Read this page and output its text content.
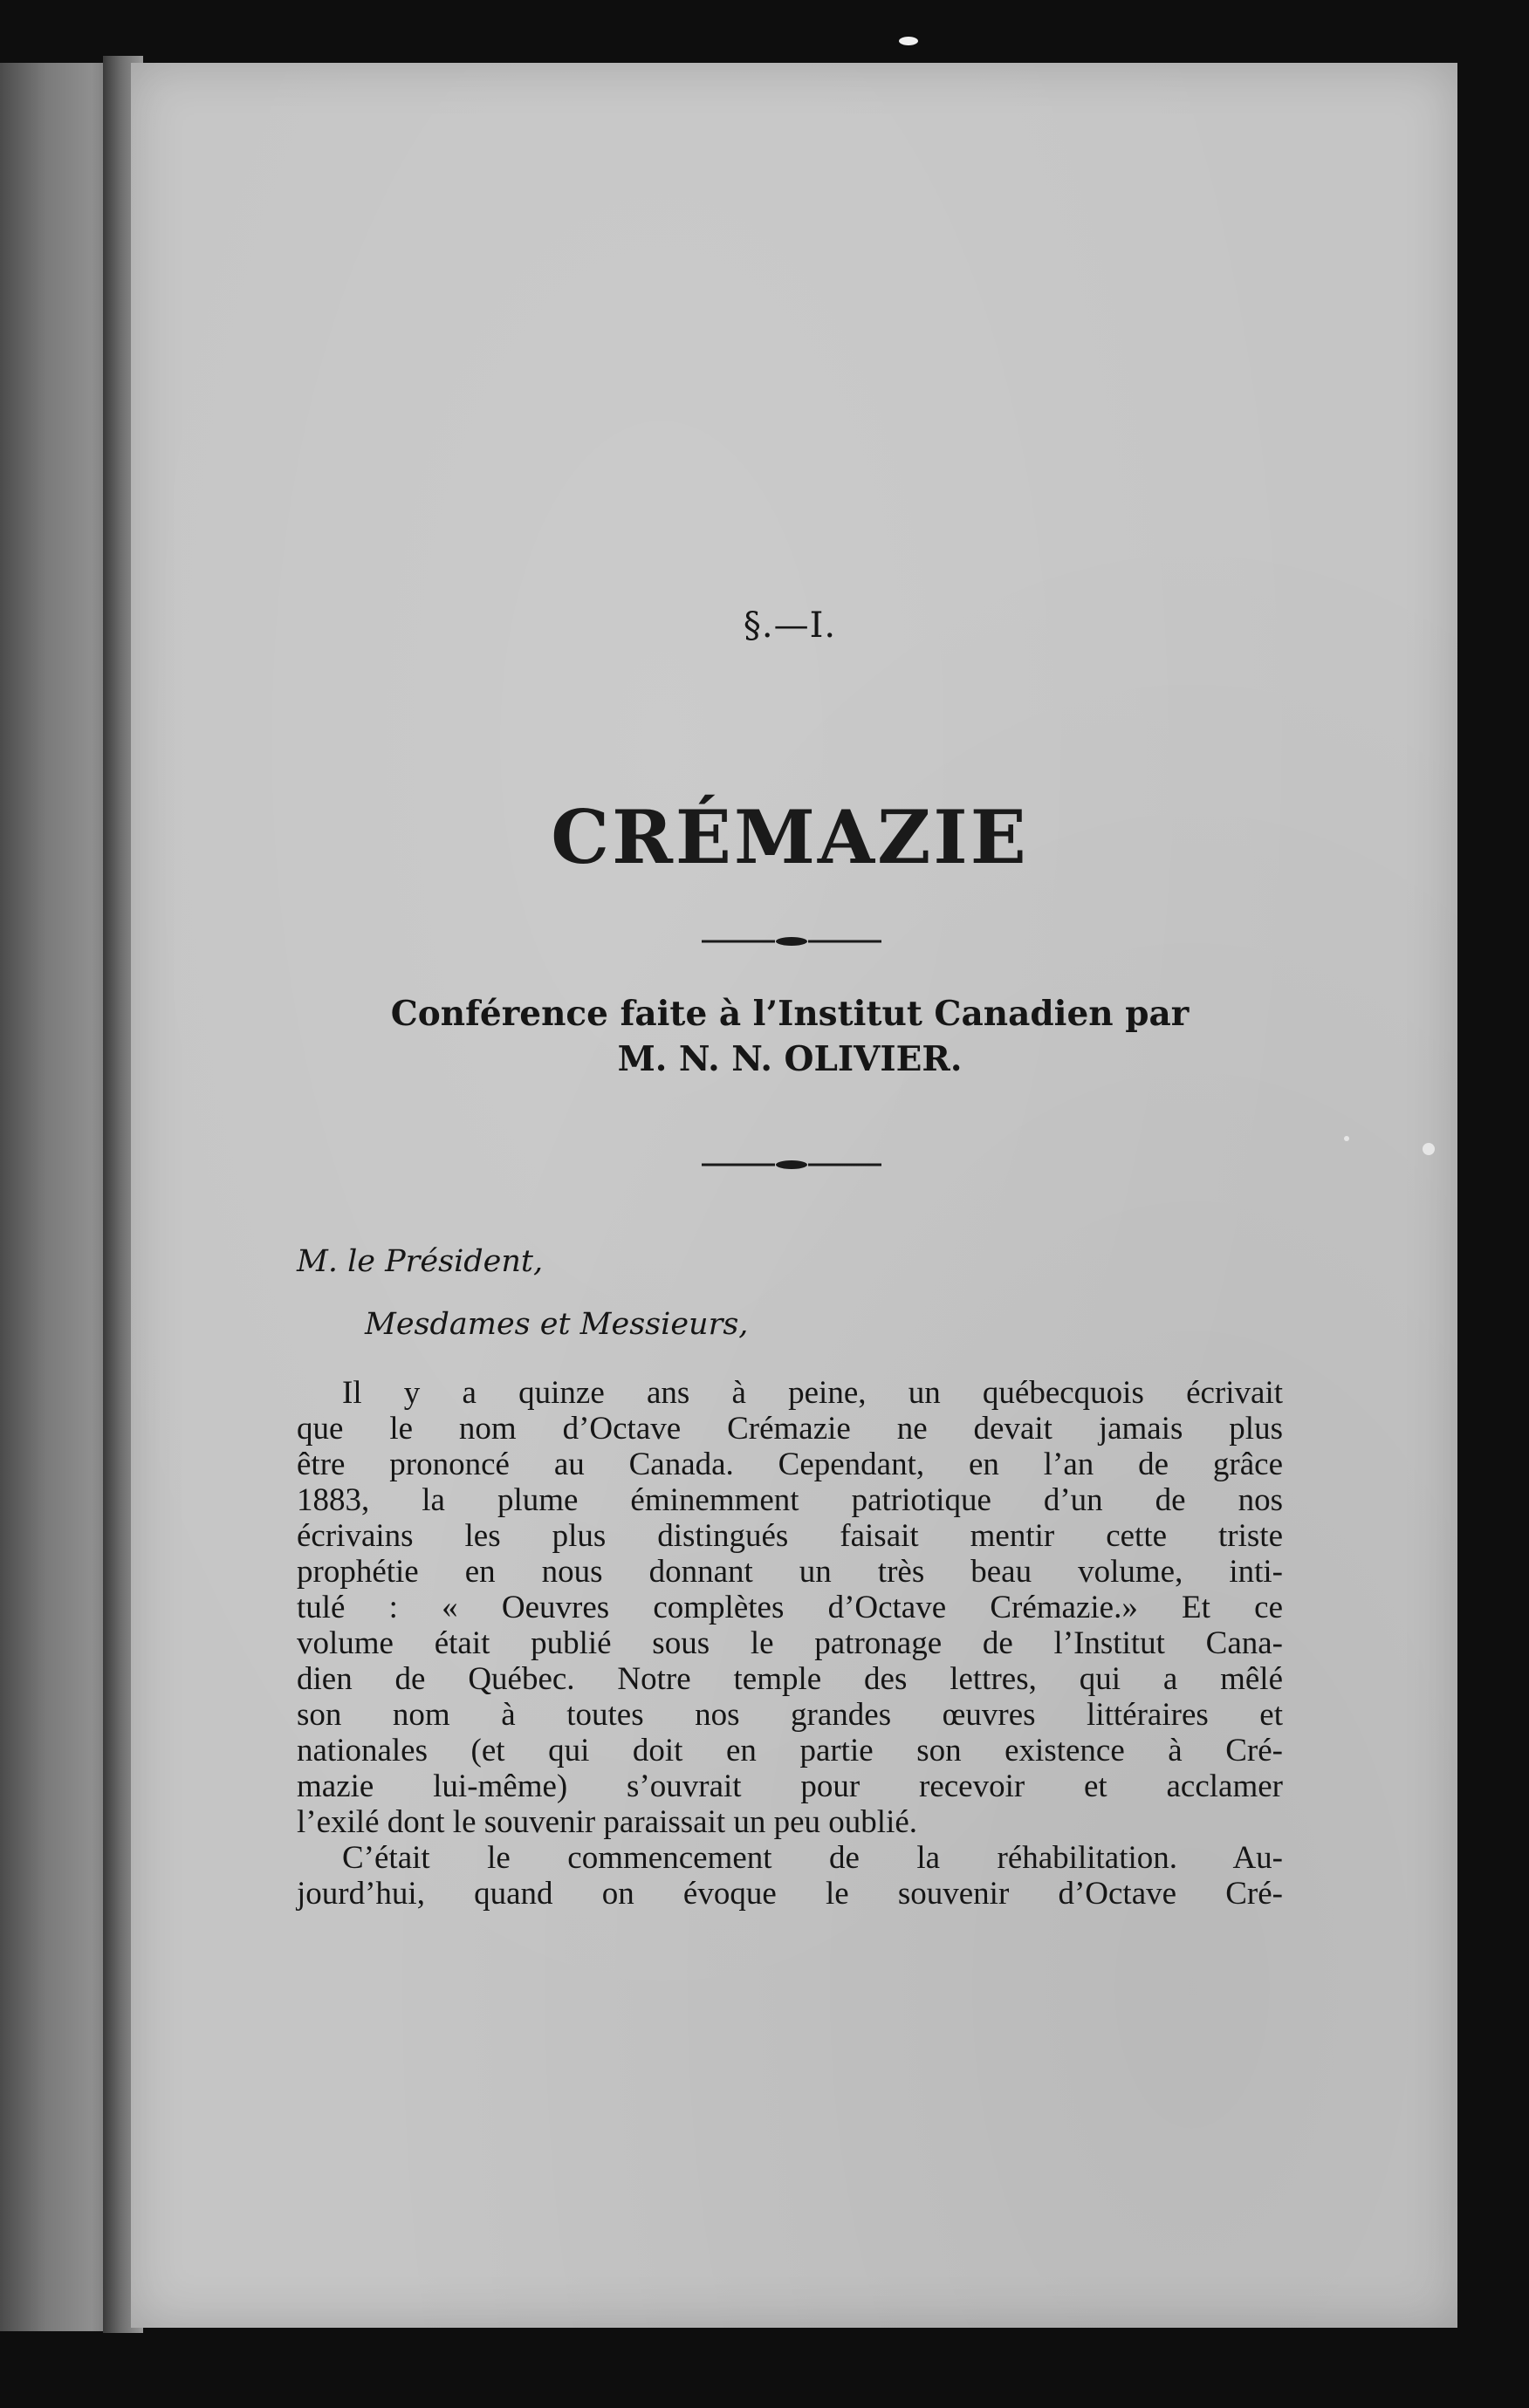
§.—I.
CRÉMAZIE
Conférence faite à l’Institut Canadien par
M. N. N. OLIVIER.
M. le Président,
Mesdames et Messieurs,
Il y a quinze ans à peine, un québecquois écrivait
que le nom d’Octave Crémazie ne devait jamais plus
être prononcé au Canada. Cependant, en l’an de grâce
1883, la plume éminemment patriotique d’un de nos
écrivains les plus distingués faisait mentir cette triste
prophétie en nous donnant un très beau volume, inti-
tulé : « Oeuvres complètes d’Octave Crémazie.» Et ce
volume était publié sous le patronage de l’Institut Cana-
dien de Québec. Notre temple des lettres, qui a mêlé
son nom à toutes nos grandes œuvres littéraires et
nationales (et qui doit en partie son existence à Cré-
mazie lui-même) s’ouvrait pour recevoir et acclamer
l’exilé dont le souvenir paraissait un peu oublié.
C’était le commencement de la réhabilitation. Au-
jourd’hui, quand on évoque le souvenir d’Octave Cré-
